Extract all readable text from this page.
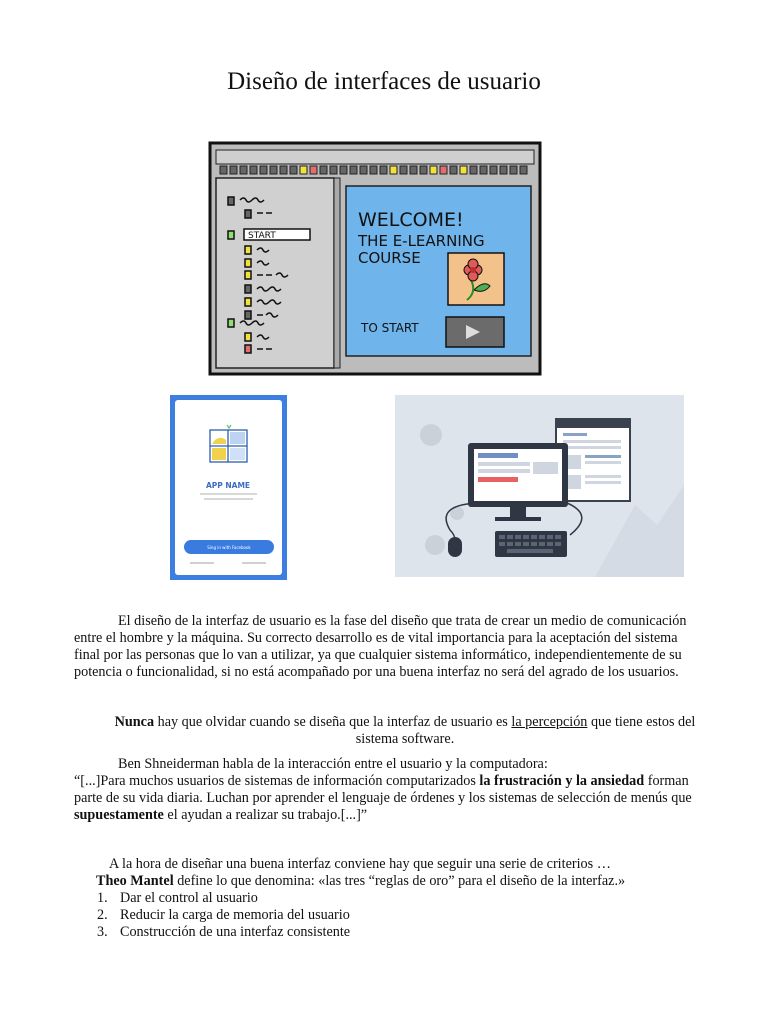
Diseño de interfaces de usuario
START
WELCOME!
THE E-LEARNING
COURSE
TO START
APP NAME
Sing in with Facebook
El diseño de la interfaz de usuario es la fase del diseño que trata de crear un medio de comunicación entre el hombre y la máquina. Su correcto desarrollo es de vital importancia para la aceptación del sistema final por las personas que lo van a utilizar, ya que cualquier sistema informático, independientemente de su potencia o funcionalidad, si no está acompañado por una buena interfaz no será del agrado de los usuarios.
Nunca hay que olvidar cuando se diseña que la interfaz de usuario es la percepción que tiene estos del sistema software.
Ben Shneiderman habla de la interacción entre el usuario y la computadora:
“[...]Para muchos usuarios de sistemas de información computarizados la frustración y la ansiedad forman parte de su vida diaria. Luchan por aprender el lenguaje de órdenes y los sistemas de selección de menús que supuestamente el ayudan a realizar su trabajo.[...]”
A la hora de diseñar una buena interfaz conviene hay que seguir una serie de criterios …
Theo Mantel define lo que denomina: «las tres “reglas de oro” para el diseño de la interfaz.»
1. Dar el control al usuario
2. Reducir la carga de memoria del usuario
3. Construcción de una interfaz consistente
